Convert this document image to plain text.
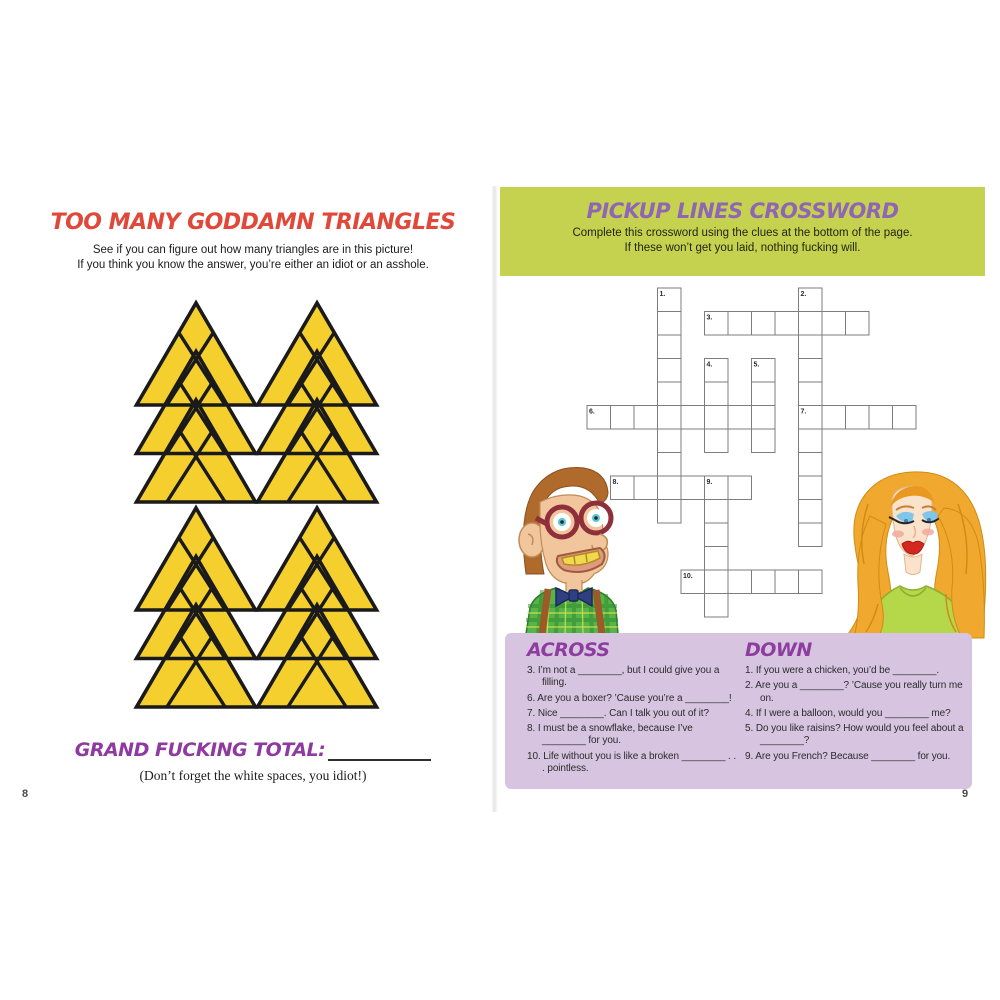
TOO MANY GODDAMN TRIANGLES
See if you can figure out how many triangles are in this picture!
If you think you know the answer, you’re either an idiot or an asshole.
GRAND FUCKING TOTAL:
(Don’t forget the white spaces, you idiot!)
8
PICKUP LINES CROSSWORD
Complete this crossword using the clues at the bottom of the page.
If these won’t get you laid, nothing fucking will.
1.	2.
3.
4.	5.
6.	7.
8.	9.
10.
ACROSS
3. I’m not a ________, but I could give you a filling.
6. Are you a boxer? ’Cause you’re a ________!
7. Nice ________. Can I talk you out of it?
8. I must be a snowflake, because I’ve ________ for you.
10. Life without you is like a broken ________ . . . pointless.
DOWN
1. If you were a chicken, you’d be ________.
2. Are you a ________? ’Cause you really turn me on.
4. If I were a balloon, would you ________ me?
5. Do you like raisins? How would you feel about a ________?
9. Are you French? Because ________ for you.
9
